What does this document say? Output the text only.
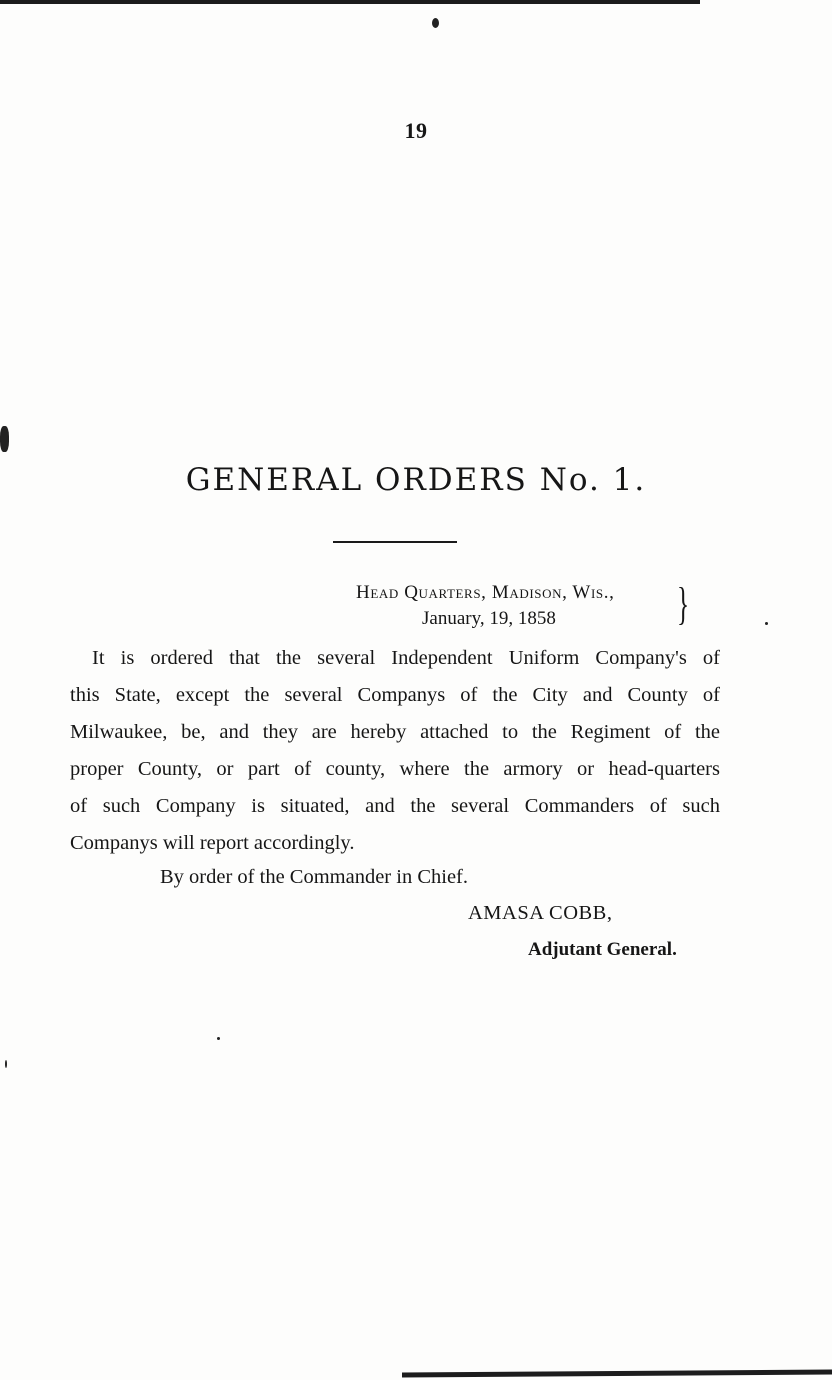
19
GENERAL ORDERS No. 1.
Head Quarters, Madison, Wis.,
January, 19, 1858	}
It is ordered that the several Independent Uniform Company's of
this State, except the several Companys of the City and County of
Milwaukee, be, and they are hereby attached to the Regiment of the
proper County, or part of county, where the armory or head-quarters
of such Company is situated, and the several Commanders of such
Companys will report accordingly.
By order of the Commander in Chief.
AMASA COBB,
Adjutant General.
